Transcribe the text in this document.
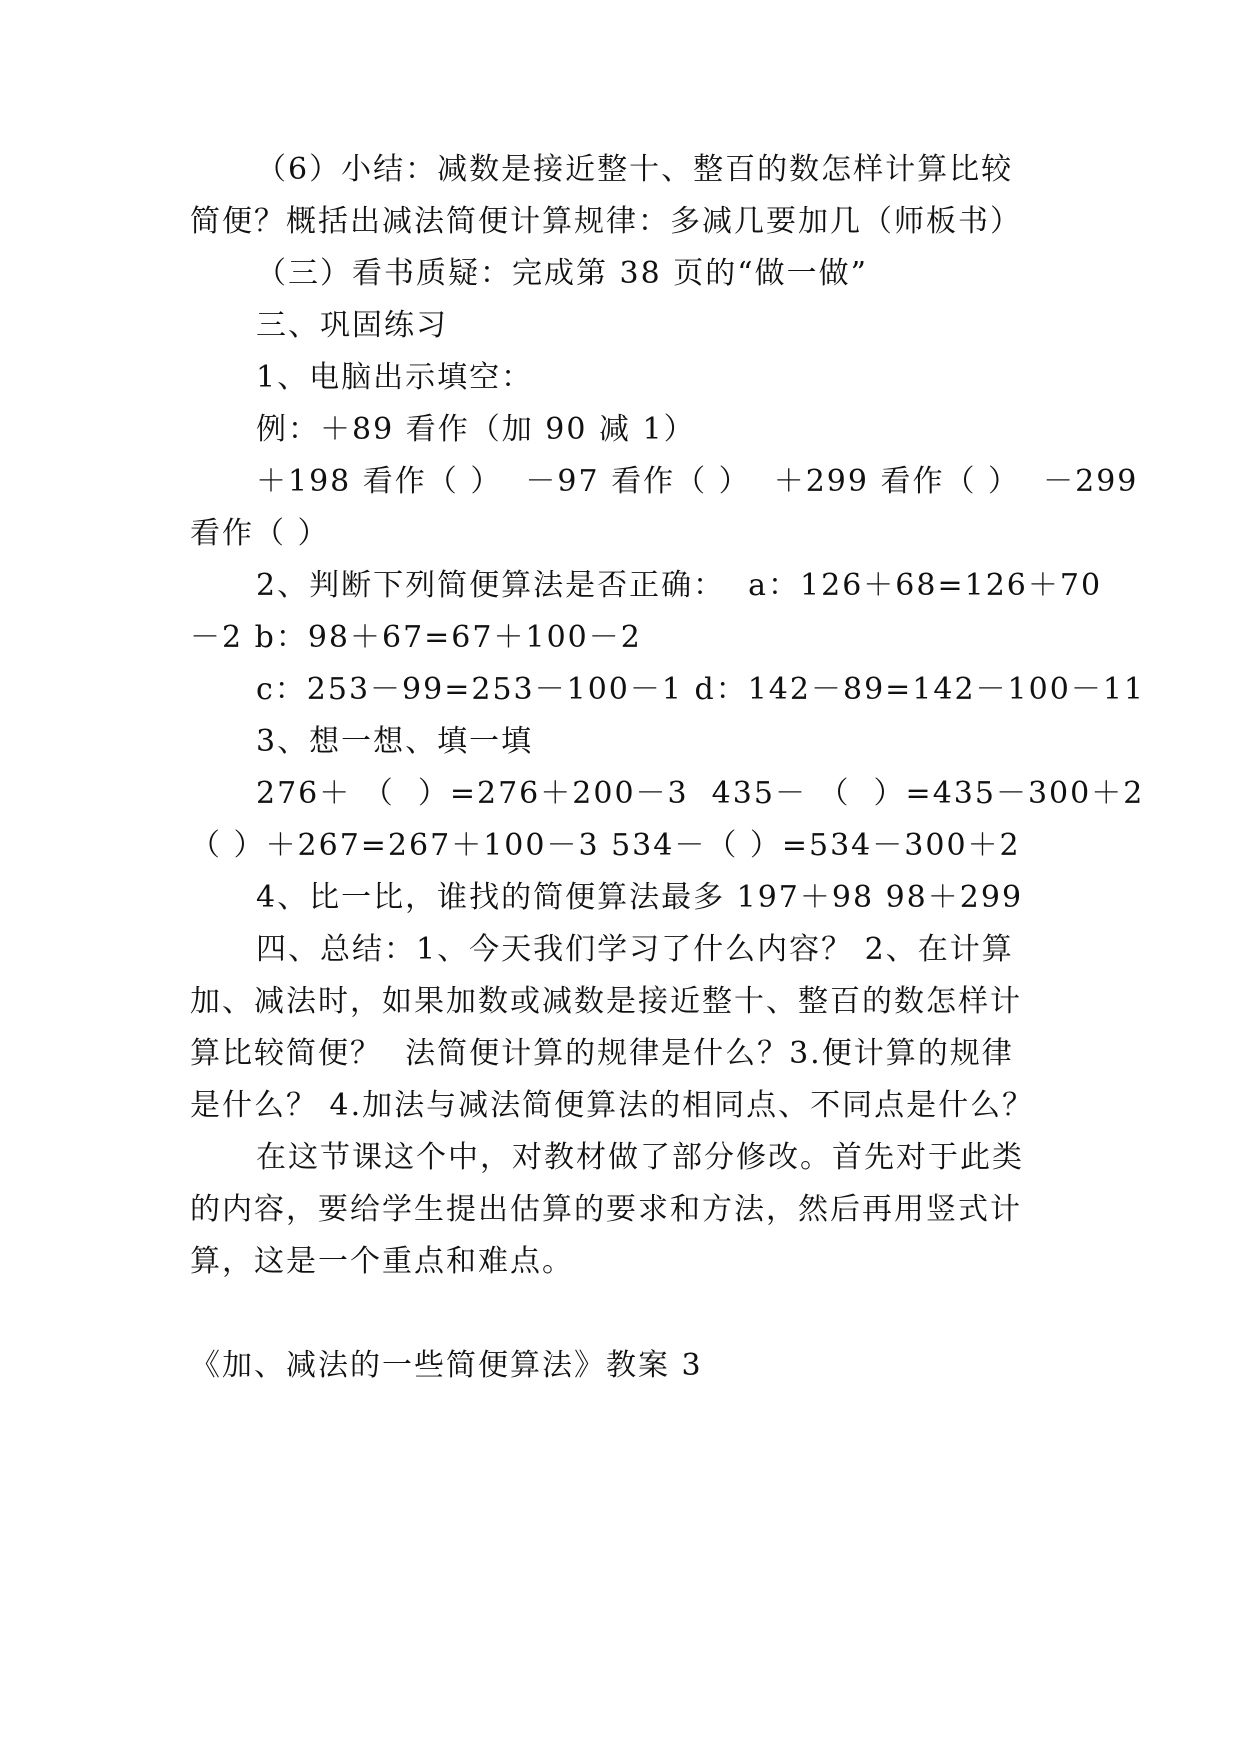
（6）小结：减数是接近整十、整百的数怎样计算比较
简便？概括出减法简便计算规律：多减几要加几（师板书）
（三）看书质疑：完成第 38 页的“做一做”
三、巩固练习
1、电脑出示填空：
例：＋89 看作（加 90 减 1）
＋198 看作（ ）  －97 看作（ ）  ＋299 看作（ ）  －299
看作（ ）
2、判断下列简便算法是否正确：  a：126＋68=126＋70
－2 b：98＋67=67＋100－2
c：253－99=253－100－1 d：142－89=142－100－11
3、想一想、填一填
276＋ （  ）=276＋200－3  435－ （  ）=435－300＋2
（ ）＋267=267＋100－3 534－（ ）=534－300＋2
4、比一比，谁找的简便算法最多 197＋98 98＋299
四、总结：1、今天我们学习了什么内容？ 2、在计算
加、减法时，如果加数或减数是接近整十、整百的数怎样计
算比较简便？  法简便计算的规律是什么？3.便计算的规律
是什么？ 4.加法与减法简便算法的相同点、不同点是什么？
在这节课这个中，对教材做了部分修改。首先对于此类
的内容，要给学生提出估算的要求和方法，然后再用竖式计
算，这是一个重点和难点。
《加、减法的一些简便算法》教案 3
